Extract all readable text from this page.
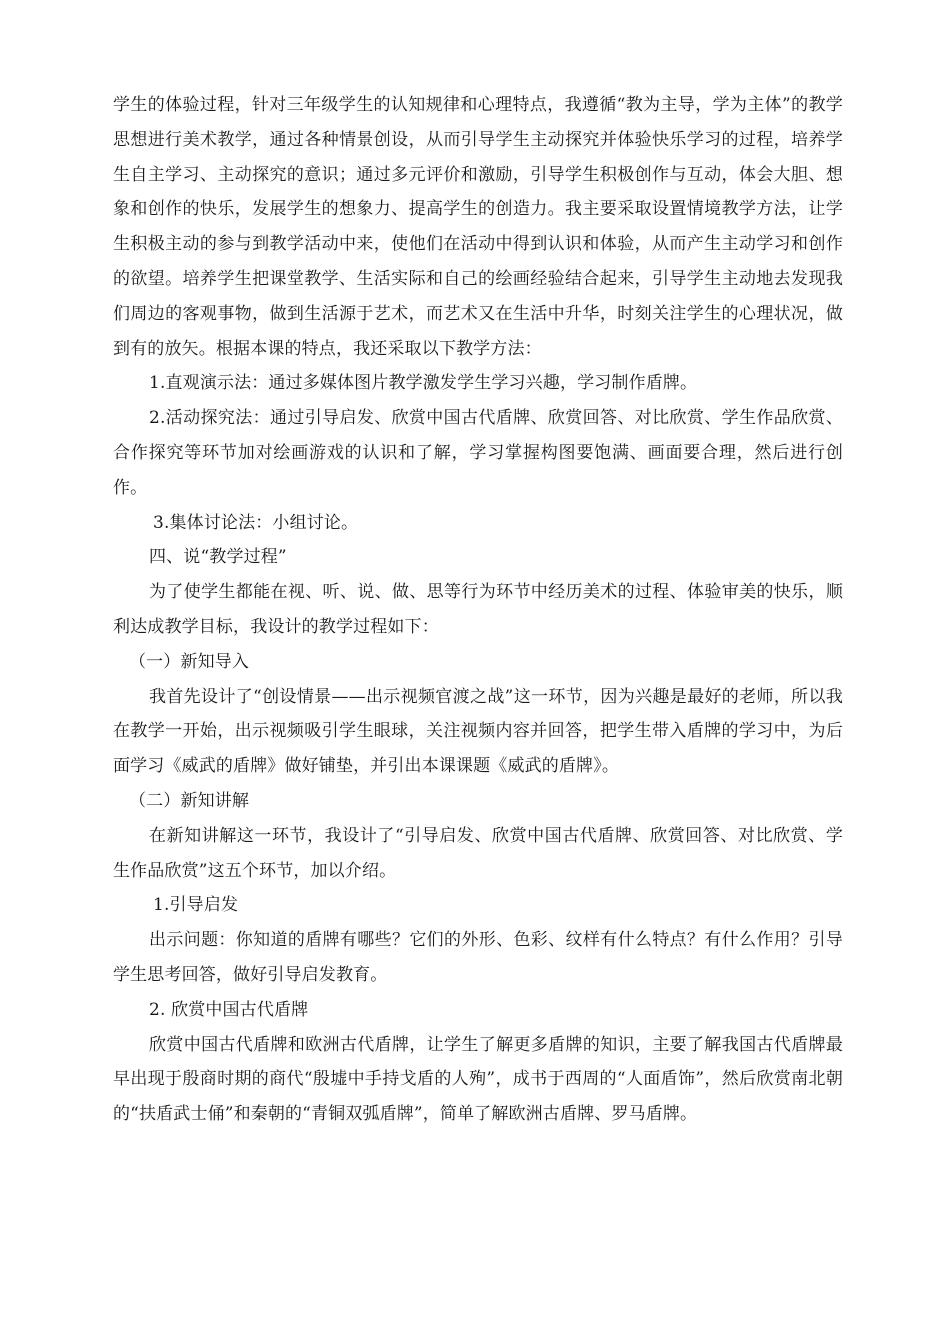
学生的体验过程，针对三年级学生的认知规律和心理特点，我遵循“教为主导，学为主体”的教学思想进行美术教学，通过各种情景创设，从而引导学生主动探究并体验快乐学习的过程，培养学生自主学习、主动探究的意识；通过多元评价和激励，引导学生积极创作与互动，体会大胆、想象和创作的快乐，发展学生的想象力、提高学生的创造力。我主要采取设置情境教学方法，让学生积极主动的参与到教学活动中来，使他们在活动中得到认识和体验，从而产生主动学习和创作的欲望。培养学生把课堂教学、生活实际和自己的绘画经验结合起来，引导学生主动地去发现我们周边的客观事物，做到生活源于艺术，而艺术又在生活中升华，时刻关注学生的心理状况，做到有的放矢。根据本课的特点，我还采取以下教学方法：

1.直观演示法：通过多媒体图片教学激发学生学习兴趣，学习制作盾牌。

2.活动探究法：通过引导启发、欣赏中国古代盾牌、欣赏回答、对比欣赏、学生作品欣赏、合作探究等环节加对绘画游戏的认识和了解，学习掌握构图要饱满、画面要合理，然后进行创作。

3.集体讨论法：小组讨论。

四、说“教学过程”

为了使学生都能在视、听、说、做、思等行为环节中经历美术的过程、体验审美的快乐，顺利达成教学目标，我设计的教学过程如下：

（一）新知导入

我首先设计了“创设情景——出示视频官渡之战”这一环节，因为兴趣是最好的老师，所以我在教学一开始，出示视频吸引学生眼球，关注视频内容并回答，把学生带入盾牌的学习中，为后面学习《威武的盾牌》做好铺垫，并引出本课课题《威武的盾牌》。

（二）新知讲解

在新知讲解这一环节，我设计了“引导启发、欣赏中国古代盾牌、欣赏回答、对比欣赏、学生作品欣赏”这五个环节，加以介绍。

1.引导启发

出示问题：你知道的盾牌有哪些？它们的外形、色彩、纹样有什么特点？有什么作用？引导学生思考回答，做好引导启发教育。

2. 欣赏中国古代盾牌

欣赏中国古代盾牌和欧洲古代盾牌，让学生了解更多盾牌的知识，主要了解我国古代盾牌最早出现于殷商时期的商代“殷墟中手持戈盾的人殉”，成书于西周的“人面盾饰”，然后欣赏南北朝的“扶盾武士俑”和秦朝的“青铜双弧盾牌”，简单了解欧洲古盾牌、罗马盾牌。
